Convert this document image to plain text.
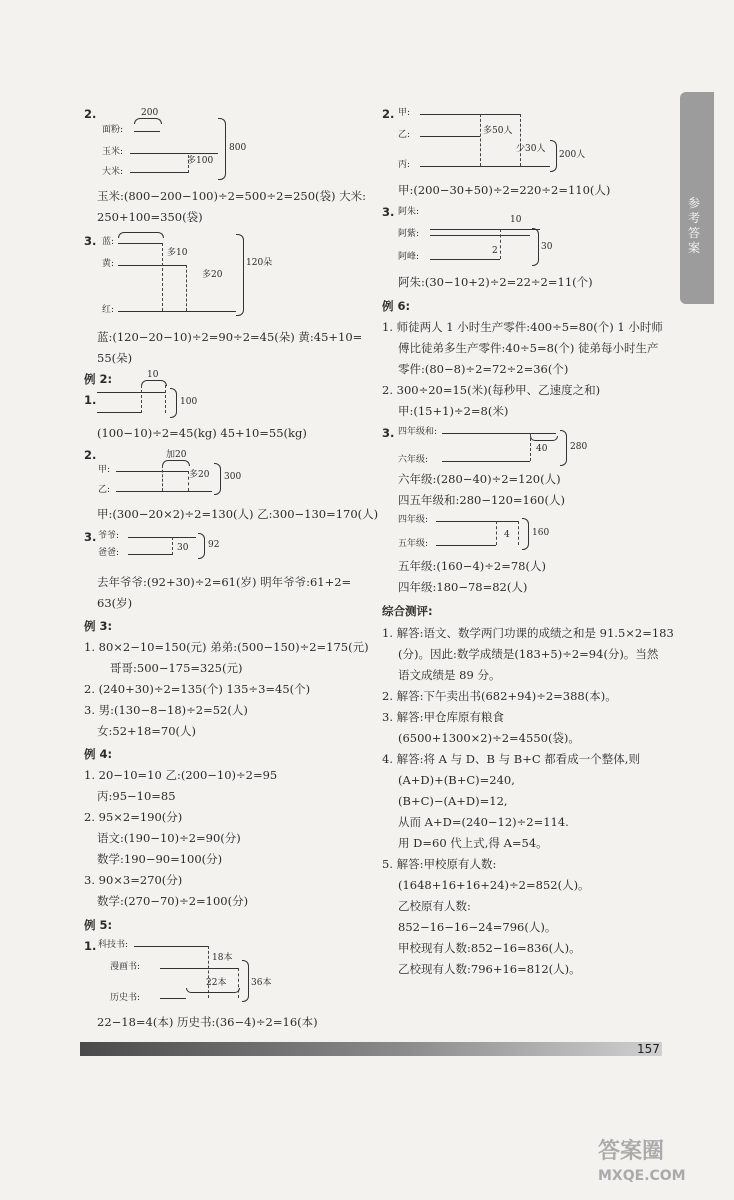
参考答案
2.	200
面粉:
玉米:
多100
大米:
800
玉米:(800−200−100)÷2=500÷2=250(袋) 大米:
250+100=350(袋)
3. 蓝:
黄:
多10
多20
红:
120朵
蓝:(120−20−10)÷2=90÷2=45(朵) 黄:45+10=
55(朵)
例 2:
1.
10
100
(100−10)÷2=45(kg) 45+10=55(kg)
2.	加20
甲:	多20
乙:
300
甲:(300−20×2)÷2=130(人) 乙:300−130=170(人)
3. 爷爷:
爸爸:	30 92
去年爷爷:(92+30)÷2=61(岁) 明年爷爷:61+2=
63(岁)
例 3:
1. 80×2−10=150(元) 弟弟:(500−150)÷2=175(元)
哥哥:500−175=325(元)
2. (240+30)÷2=135(个) 135÷3=45(个)
3. 男:(130−8−18)÷2=52(人)
女:52+18=70(人)
例 4:
1. 20−10=10 乙:(200−10)÷2=95
丙:95−10=85
2. 95×2=190(分)
语文:(190−10)÷2=90(分)
数学:190−90=100(分)
3. 90×3=270(分)
数学:(270−70)÷2=100(分)
例 5:
1. 科技书:
18本
漫画书:
22本
历史书:
36本
22−18=4(本) 历史书:(36−4)÷2=16(本)
2. 甲:
多50人
乙:
少30人
丙:
200人
甲:(200−30+50)÷2=220÷2=110(人)
3. 阿朱:
10
阿紫:
2
阿峰:
30
阿朱:(30−10+2)÷2=22÷2=11(个)
例 6:
1. 师徒两人 1 小时生产零件:400÷5=80(个) 1 小时师
傅比徒弟多生产零件:40÷5=8(个) 徒弟每小时生产
零件:(80−8)÷2=72÷2=36(个)
2. 300÷20=15(米)(每秒甲、乙速度之和)
甲:(15+1)÷2=8(米)
3. 四年级和:
40
六年级:
280
六年级:(280−40)÷2=120(人)
四五年级和:280−120=160(人)
四年级:
4
五年级:
160
五年级:(160−4)÷2=78(人)
四年级:180−78=82(人)
综合测评:
1. 解答:语文、数学两门功课的成绩之和是 91.5×2=183
(分)。因此:数学成绩是(183+5)÷2=94(分)。当然
语文成绩是 89 分。
2. 解答:下午卖出书(682+94)÷2=388(本)。
3. 解答:甲仓库原有粮食
(6500+1300×2)÷2=4550(袋)。
4. 解答:将 A 与 D、B 与 B+C 都看成一个整体,则
(A+D)+(B+C)=240,
(B+C)−(A+D)=12,
从而 A+D=(240−12)÷2=114.
用 D=60 代上式,得 A=54。
5. 解答:甲校原有人数:
(1648+16+16+24)÷2=852(人)。
乙校原有人数:
852−16−16−24=796(人)。
甲校现有人数:852−16=836(人)。
乙校现有人数:796+16=812(人)。
157
答案圈
MXQE.COM
